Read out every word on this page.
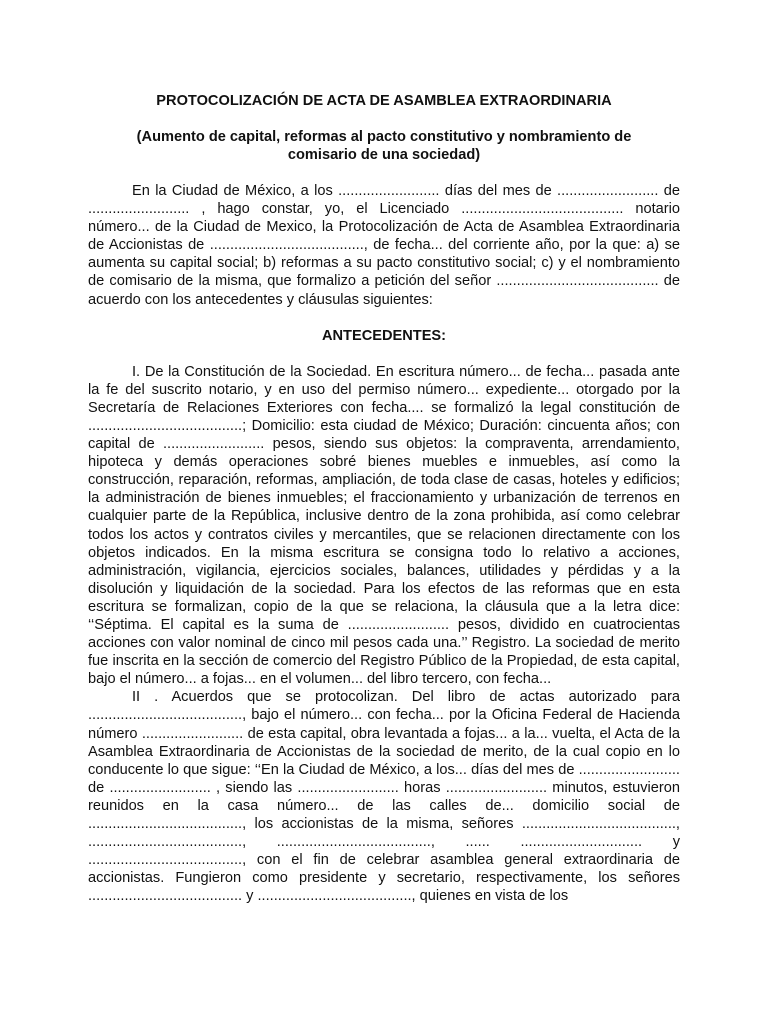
PROTOCOLIZACIÓN DE ACTA DE ASAMBLEA EXTRAORDINARIA
(Aumento de capital, reformas al pacto constitutivo y nombramiento de comisario de una sociedad)

En la Ciudad de México, a los ......................... días del mes de ......................... de ......................... , hago constar, yo, el Licenciado ........................................ notario número... de la Ciudad de Mexico, la Protocolización de Acta de Asamblea Extraordinaria de Accionistas de ......................................, de fecha... del corriente año, por la que: a) se aumenta su capital social; b) reformas a su pacto constitutivo social; c) y el nombramiento de comisario de la misma, que formalizo a petición del señor ........................................ de acuerdo con los antecedentes y cláusulas siguientes:

ANTECEDENTES:

I. De la Constitución de la Sociedad. En escritura número... de fecha... pasada ante la fe del suscrito notario, y en uso del permiso número... expediente... otorgado por la Secretaría de Relaciones Exteriores con fecha.... se formalizó la legal constitución de ......................................; Domicilio: esta ciudad de México; Duración: cincuenta años; con capital de ......................... pesos, siendo sus objetos: la compraventa, arrendamiento, hipoteca y demás operaciones sobré bienes muebles e inmuebles, así como la construcción, reparación, reformas, ampliación, de toda clase de casas, hoteles y edificios; la administración de bienes inmuebles; el fraccionamiento y urbanización de terrenos en cualquier parte de la República, inclusive dentro de la zona prohibida, así como celebrar todos los actos y contratos civiles y mercantiles, que se relacionen directamente con los objetos indicados. En la misma escritura se consigna todo lo relativo a acciones, administración, vigilancia, ejercicios sociales, balances, utilidades y pérdidas y a la disolución y liquidación de la sociedad. Para los efectos de las reformas que en esta escritura se formalizan, copio de la que se relaciona, la cláusula que a la letra dice: ‘‘Séptima. El capital es la suma de ......................... pesos, dividido en cuatrocientas acciones con valor nominal de cinco mil pesos cada una.’’ Registro. La sociedad de merito fue inscrita en la sección de comercio del Registro Público de la Propiedad, de esta capital, bajo el número... a fojas... en el volumen... del libro tercero, con fecha...

II . Acuerdos que se protocolizan. Del libro de actas autorizado para ......................................, bajo el número... con fecha... por la Oficina Federal de Hacienda número ......................... de esta capital, obra levantada a fojas... a la... vuelta, el Acta de la Asamblea Extraordinaria de Accionistas de la sociedad de merito, de la cual copio en lo conducente lo que sigue: ‘‘En la Ciudad de México, a los... días del mes de ......................... de ......................... , siendo las ......................... horas ......................... minutos, estuvieron reunidos en la casa número... de las calles de... domicilio social de ......................................, los accionistas de la misma, señores ......................................, ......................................, ......................................, ...... .............................. y ......................................, con el fin de celebrar asamblea general extraordinaria de accionistas. Fungieron como presidente y secretario, respectivamente, los señores ...................................... y ......................................, quienes en vista de los
